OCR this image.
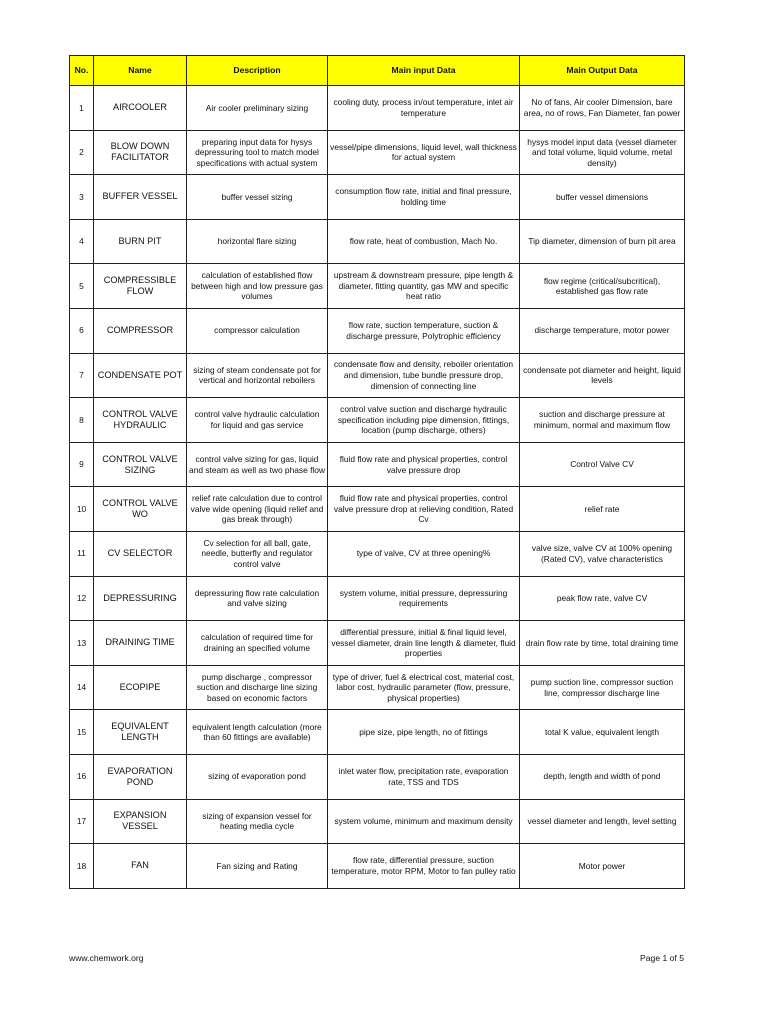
No.	Name	Description	Main input Data	Main Output Data
1	AIRCOOLER	Air cooler preliminary sizing	cooling duty, process in/out temperature, inlet air temperature	No of fans, Air cooler Dimension, bare area, no of rows, Fan Diameter, fan power
2	BLOW DOWN FACILITATOR	preparing input data for hysys depressuring tool to match model specifications with actual system	vessel/pipe dimensions, liquid level, wall thickness for actual system	hysys model input data (vessel diameter and total volume, liquid volume, metal density)
3	BUFFER VESSEL	buffer vessel sizing	consumption flow rate, initial and final pressure, holding time	buffer vessel dimensions
4	BURN PIT	horizontal flare sizing	flow rate, heat of combustion, Mach No.	Tip diameter, dimension of burn pit area
5	COMPRESSIBLE FLOW	calculation of established flow between high and low pressure gas volumes	upstream & downstream pressure, pipe length & diameter, fitting quantity, gas MW and specific heat ratio	flow regime (critical/subcritical), established gas flow rate
6	COMPRESSOR	compressor calculation	flow rate, suction temperature, suction & discharge pressure, Polytrophic efficiency	discharge temperature, motor power
7	CONDENSATE POT	sizing of steam condensate pot for vertical and horizontal reboilers	condensate flow and density, reboiler orientation and dimension, tube bundle pressure drop, dimension of connecting line	condensate pot diameter and height, liquid levels
8	CONTROL VALVE HYDRAULIC	control valve hydraulic calculation for liquid and gas service	control valve suction and discharge hydraulic specification including pipe dimension, fittings, location (pump discharge, others)	suction and discharge pressure at minimum, normal and maximum flow
9	CONTROL VALVE SIZING	control valve sizing for gas, liquid and steam as well as two phase flow	fluid flow rate and physical properties, control valve pressure drop	Control Valve CV
10	CONTROL VALVE WO	relief rate calculation due to control valve wide opening (liquid relief and gas break through)	fluid flow rate and physical properties, control valve pressure drop at relieving condition, Rated Cv	relief rate
11	CV SELECTOR	Cv selection for all ball, gate, needle, butterfly and regulator control valve	type of valve, CV at three opening%	valve size, valve CV at 100% opening (Rated CV), valve characteristics
12	DEPRESSURING	depressuring flow rate calculation and valve sizing	system volume, initial pressure, depressuring requirements	peak flow rate, valve CV
13	DRAINING TIME	calculation of required time for draining an specified volume	differential pressure, initial & final liquid level, vessel diameter, drain line length & diameter, fluid properties	drain flow rate by time, total draining time
14	ECOPIPE	pump discharge , compressor suction and discharge line sizing based on economic factors	type of driver, fuel & electrical cost, material cost, labor cost, hydraulic parameter (flow, pressure, physical properties)	pump suction line, compressor suction line, compressor discharge line
15	EQUIVALENT LENGTH	equivalent length calculation (more than 60 fittings are available)	pipe size, pipe length, no of fittings	total K value, equivalent length
16	EVAPORATION POND	sizing of evaporation pond	inlet water flow, precipitation rate, evaporation rate, TSS and TDS	depth, length and width of pond
17	EXPANSION VESSEL	sizing of expansion vessel for heating media cycle	system volume, minimum and maximum density	vessel diameter and length, level setting
18	FAN	Fan sizing and Rating	flow rate, differential pressure, suction temperature, motor RPM, Motor to fan pulley ratio	Motor power
www.chemwork.org	Page 1 of 5
